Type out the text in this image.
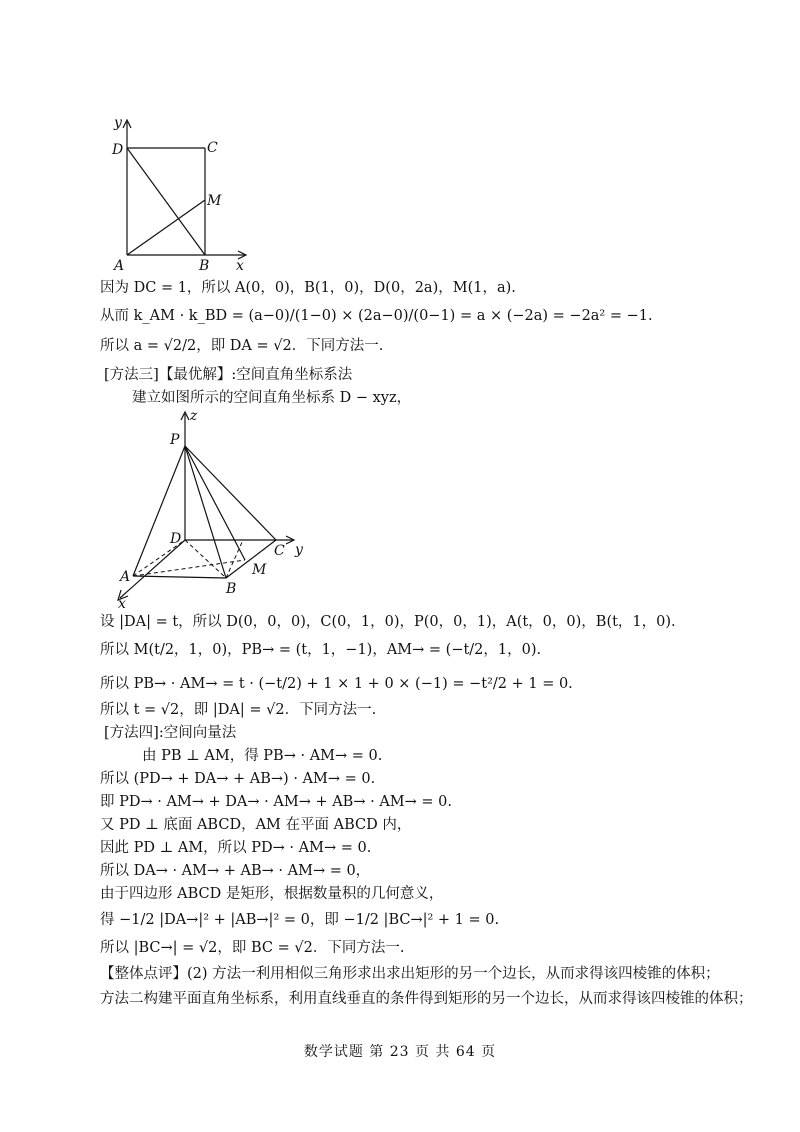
y
x
D	C
M
A	B
因为 DC = 1，所以 A(0，0)，B(1，0)，D(0，2a)，M(1，a).
从而 k_AM · k_BD = (a−0)/(1−0) × (2a−0)/(0−1) = a × (−2a) = −2a² = −1.
所以 a = √2/2，即 DA = √2．下同方法一.
[方法三]【最优解】:空间直角坐标系法
建立如图所示的空间直角坐标系 D − xyz，
z
P
D
C y
A
B
M
x
设 |DA| = t，所以 D(0，0，0)，C(0，1，0)，P(0，0，1)，A(t，0，0)，B(t，1，0).
所以 M(t/2，1，0)，PB→ = (t，1，−1)，AM→ = (−t/2，1，0).
所以 PB→ · AM→ = t · (−t/2) + 1 × 1 + 0 × (−1) = −t²/2 + 1 = 0.
所以 t = √2，即 |DA| = √2．下同方法一.
[方法四]:空间向量法
由 PB ⊥ AM，得 PB→ · AM→ = 0.
所以 (PD→ + DA→ + AB→) · AM→ = 0.
即 PD→ · AM→ + DA→ · AM→ + AB→ · AM→ = 0.
又 PD ⊥ 底面 ABCD，AM 在平面 ABCD 内，
因此 PD ⊥ AM，所以 PD→ · AM→ = 0.
所以 DA→ · AM→ + AB→ · AM→ = 0，
由于四边形 ABCD 是矩形，根据数量积的几何意义，
得 −1/2 |DA→|² + |AB→|² = 0，即 −1/2 |BC→|² + 1 = 0.
所以 |BC→| = √2，即 BC = √2．下同方法一.
【整体点评】(2) 方法一利用相似三角形求出求出矩形的另一个边长，从而求得该四棱锥的体积；
方法二构建平面直角坐标系，利用直线垂直的条件得到矩形的另一个边长，从而求得该四棱锥的体积；
数学试题 第 23 页 共 64 页
